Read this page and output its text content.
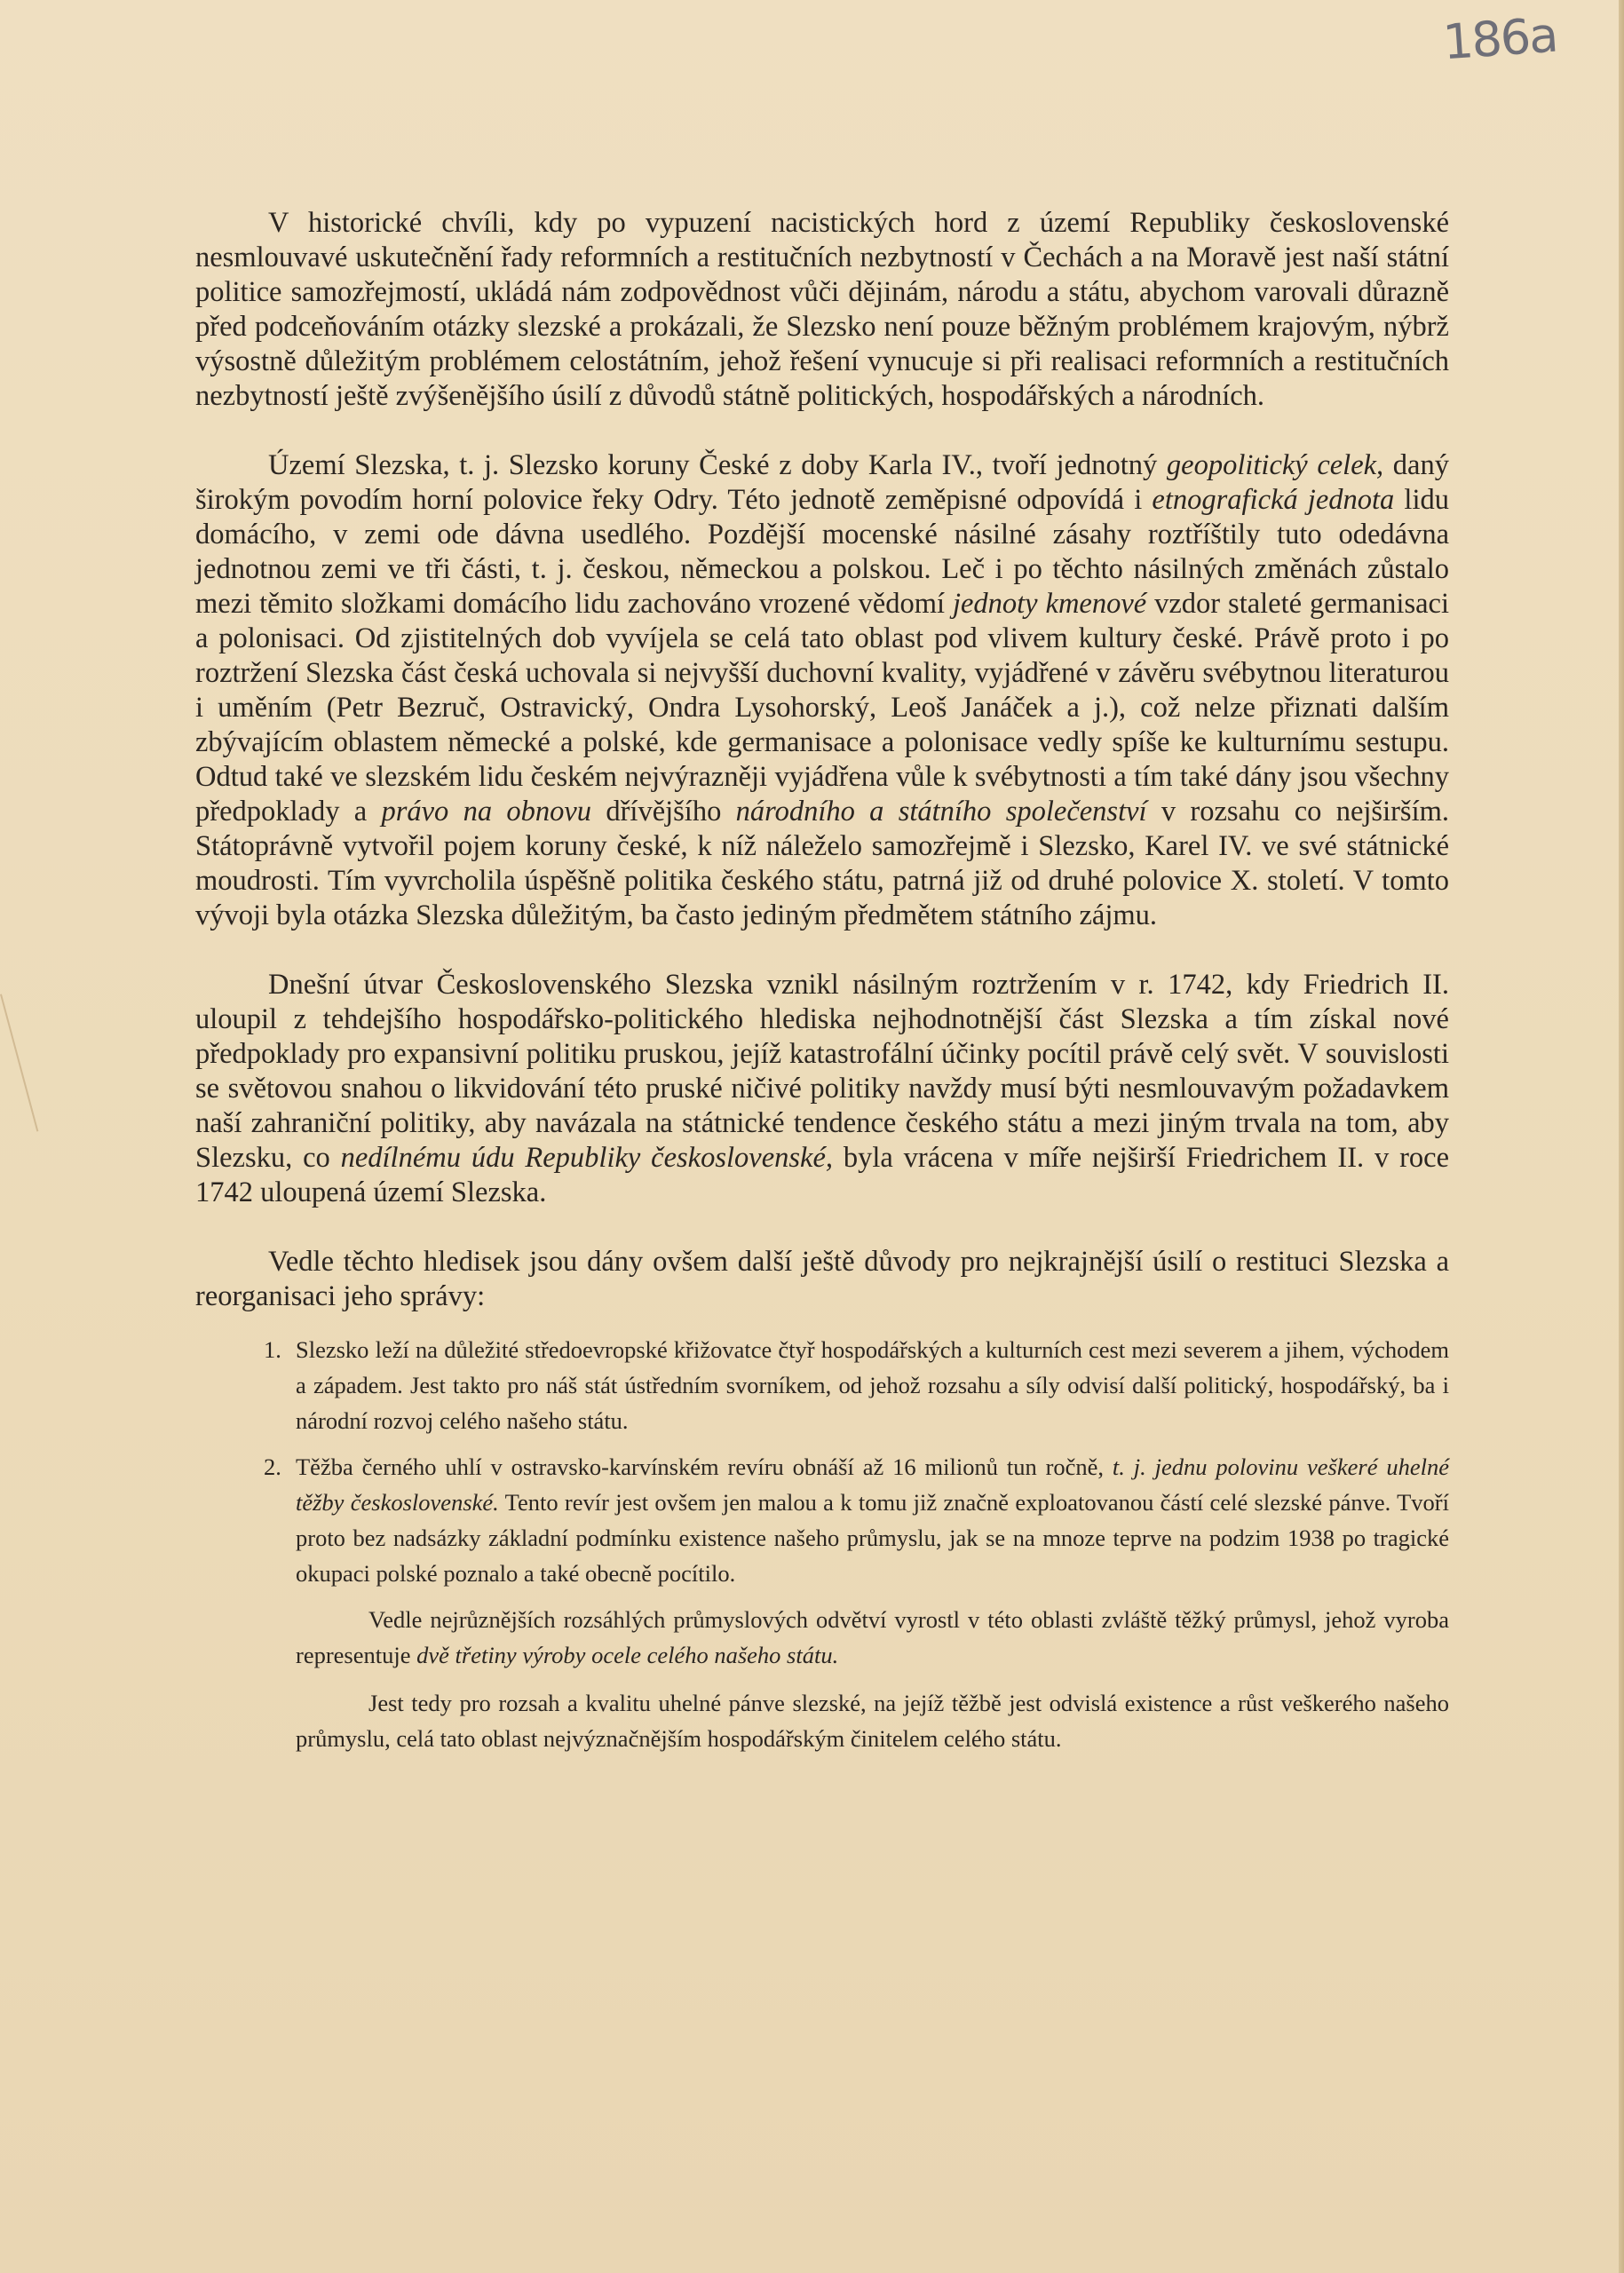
186a

V historické chvíli, kdy po vypuzení nacistických hord z území Republiky československé nesmlouvavé uskutečnění řady reformních a restitučních nezbytností v Čechách a na Moravě jest naší státní politice samozřejmostí, ukládá nám zodpovědnost vůči dějinám, národu a státu, abychom varovali důrazně před podceňováním otázky slezské a prokázali, že Slezsko není pouze běžným problémem krajovým, nýbrž výsostně důležitým problémem celostátním, jehož řešení vynucuje si při realisaci reformních a restitučních nezbytností ještě zvýšenějšího úsilí z důvodů státně politických, hospodářských a národních.

Území Slezska, t. j. Slezsko koruny České z doby Karla IV., tvoří jednotný geopolitický celek, daný širokým povodím horní polovice řeky Odry. Této jednotě zeměpisné odpovídá i etnografická jednota lidu domácího, v zemi ode dávna usedlého. Pozdější mocenské násilné zásahy roztříštily tuto odedávna jednotnou zemi ve tři části, t. j. českou, německou a polskou. Leč i po těchto násilných změnách zůstalo mezi těmito složkami domácího lidu zachováno vrozené vědomí jednoty kmenové vzdor staleté germanisaci a polonisaci. Od zjistitelných dob vyvíjela se celá tato oblast pod vlivem kultury české. Právě proto i po roztržení Slezska část česká uchovala si nejvyšší duchovní kvality, vyjádřené v závěru svébytnou literaturou i uměním (Petr Bezruč, Ostravický, Ondra Lysohorský, Leoš Janáček a j.), což nelze přiznati dalším zbývajícím oblastem německé a polské, kde germanisace a polonisace vedly spíše ke kulturnímu sestupu. Odtud také ve slezském lidu českém nejvýrazněji vyjádřena vůle k svébytnosti a tím také dány jsou všechny předpoklady a právo na obnovu dřívějšího národního a státního společenství v rozsahu co nejširším. Státoprávně vytvořil pojem koruny české, k níž náleželo samozřejmě i Slezsko, Karel IV. ve své státnické moudrosti. Tím vyvrcholila úspěšně politika českého státu, patrná již od druhé polovice X. století. V tomto vývoji byla otázka Slezska důležitým, ba často jediným předmětem státního zájmu.

Dnešní útvar Československého Slezska vznikl násilným roztržením v r. 1742, kdy Friedrich II. uloupil z tehdejšího hospodářsko-politického hlediska nejhodnotnější část Slezska a tím získal nové předpoklady pro expansivní politiku pruskou, jejíž katastrofální účinky pocítil právě celý svět. V souvislosti se světovou snahou o likvidování této pruské ničivé politiky navždy musí býti nesmlouvavým požadavkem naší zahraniční politiky, aby navázala na státnické tendence českého státu a mezi jiným trvala na tom, aby Slezsku, co nedílnému údu Republiky československé, byla vrácena v míře nejširší Friedrichem II. v roce 1742 uloupená území Slezska.

Vedle těchto hledisek jsou dány ovšem další ještě důvody pro nejkrajnější úsilí o restituci Slezska a reorganisaci jeho správy:

1. Slezsko leží na důležité středoevropské křižovatce čtyř hospodářských a kulturních cest mezi severem a jihem, východem a západem. Jest takto pro náš stát ústředním svorníkem, od jehož rozsahu a síly odvisí další politický, hospodářský, ba i národní rozvoj celého našeho státu.
2. Těžba černého uhlí v ostravsko-karvínském revíru obnáší až 16 milionů tun ročně, t. j. jednu polovinu veškeré uhelné těžby československé. Tento revír jest ovšem jen malou a k tomu již značně exploatovanou částí celé slezské pánve. Tvoří proto bez nadsázky základní podmínku existence našeho průmyslu, jak se na mnoze teprve na podzim 1938 po tragické okupaci polské poznalo a také obecně pocítilo.

Vedle nejrůznějších rozsáhlých průmyslových odvětví vyrostl v této oblasti zvláště těžký průmysl, jehož vyroba representuje dvě třetiny výroby ocele celého našeho státu.

Jest tedy pro rozsah a kvalitu uhelné pánve slezské, na jejíž těžbě jest odvislá existence a růst veškerého našeho průmyslu, celá tato oblast nejvýznačnějším hospodářským činitelem celého státu.
